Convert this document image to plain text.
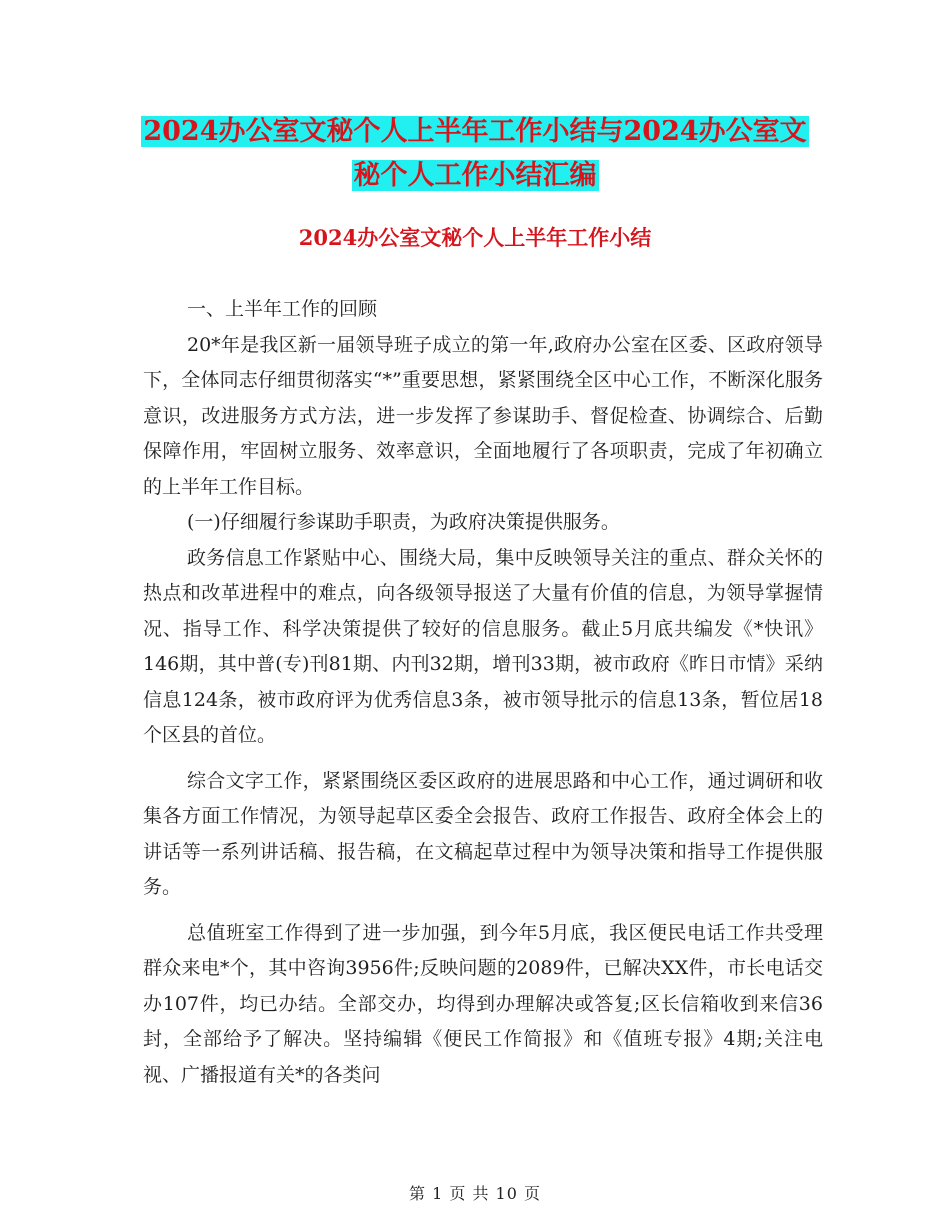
2024办公室文秘个人上半年工作小结与2024办公室文
秘个人工作小结汇编
2024办公室文秘个人上半年工作小结

一、上半年工作的回顾

20*年是我区新一届领导班子成立的第一年,政府办公室在区委、区政府领导下，全体同志仔细贯彻落实“*”重要思想，紧紧围绕全区中心工作，不断深化服务意识，改进服务方式方法，进一步发挥了参谋助手、督促检查、协调综合、后勤保障作用，牢固树立服务、效率意识，全面地履行了各项职责，完成了年初确立的上半年工作目标。

(一)仔细履行参谋助手职责，为政府决策提供服务。

政务信息工作紧贴中心、围绕大局，集中反映领导关注的重点、群众关怀的热点和改革进程中的难点，向各级领导报送了大量有价值的信息，为领导掌握情况、指导工作、科学决策提供了较好的信息服务。截止5月底共编发《*快讯》146期，其中普(专)刊81期、内刊32期，增刊33期，被市政府《昨日市情》采纳信息124条，被市政府评为优秀信息3条，被市领导批示的信息13条，暂位居18个区县的首位。

综合文字工作，紧紧围绕区委区政府的进展思路和中心工作，通过调研和收集各方面工作情况，为领导起草区委全会报告、政府工作报告、政府全体会上的讲话等一系列讲话稿、报告稿，在文稿起草过程中为领导决策和指导工作提供服务。

总值班室工作得到了进一步加强，到今年5月底，我区便民电话工作共受理群众来电*个，其中咨询3956件;反映问题的2089件，已解决XX件，市长电话交办107件，均已办结。全部交办，均得到办理解决或答复;区长信箱收到来信36封，全部给予了解决。坚持编辑《便民工作简报》和《值班专报》4期;关注电视、广播报道有关*的各类问

第 1 页 共 10 页
